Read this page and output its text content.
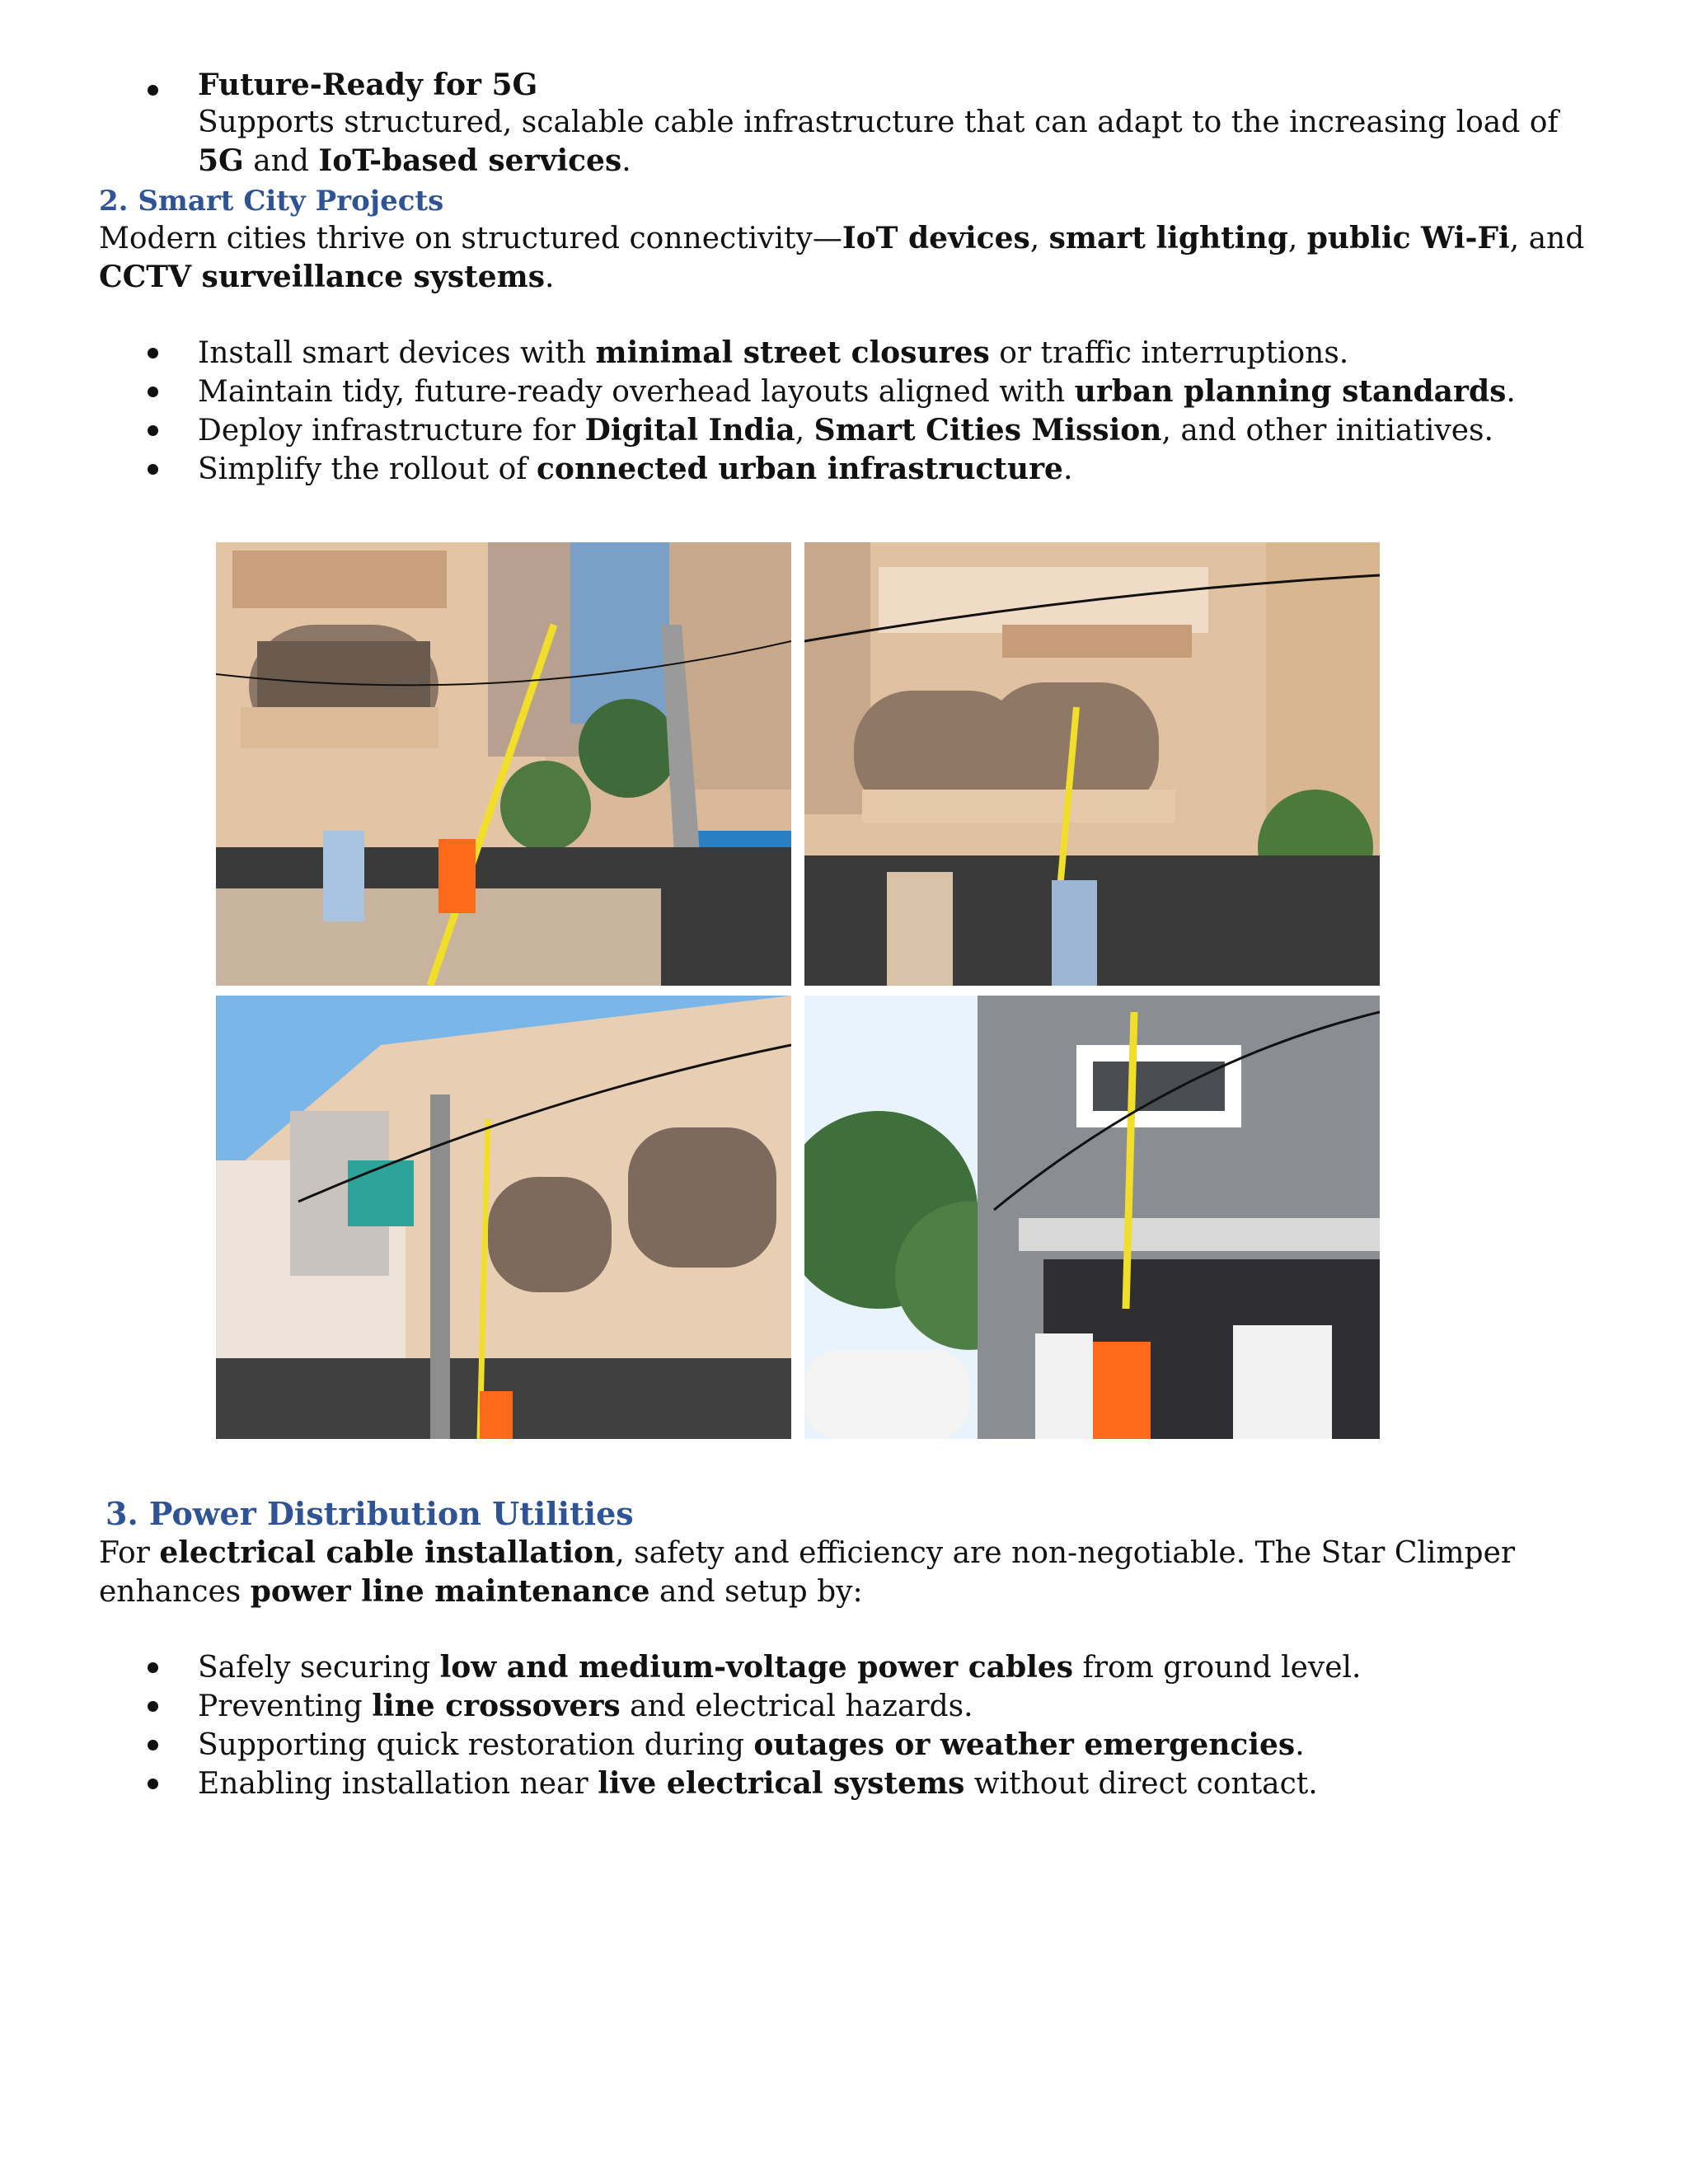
Future-Ready for 5G
Supports structured, scalable cable infrastructure that can adapt to the increasing load of 5G and IoT-based services.
2. Smart City Projects

Modern cities thrive on structured connectivity—IoT devices, smart lighting, public Wi-Fi, and CCTV surveillance systems.

Install smart devices with minimal street closures or traffic interruptions.
Maintain tidy, future-ready overhead layouts aligned with urban planning standards.
Deploy infrastructure for Digital India, Smart Cities Mission, and other initiatives.
Simplify the rollout of connected urban infrastructure.
3. Power Distribution Utilities

For electrical cable installation, safety and efficiency are non-negotiable. The Star Climper enhances power line maintenance and setup by:

Safely securing low and medium-voltage power cables from ground level.
Preventing line crossovers and electrical hazards.
Supporting quick restoration during outages or weather emergencies.
Enabling installation near live electrical systems without direct contact.
